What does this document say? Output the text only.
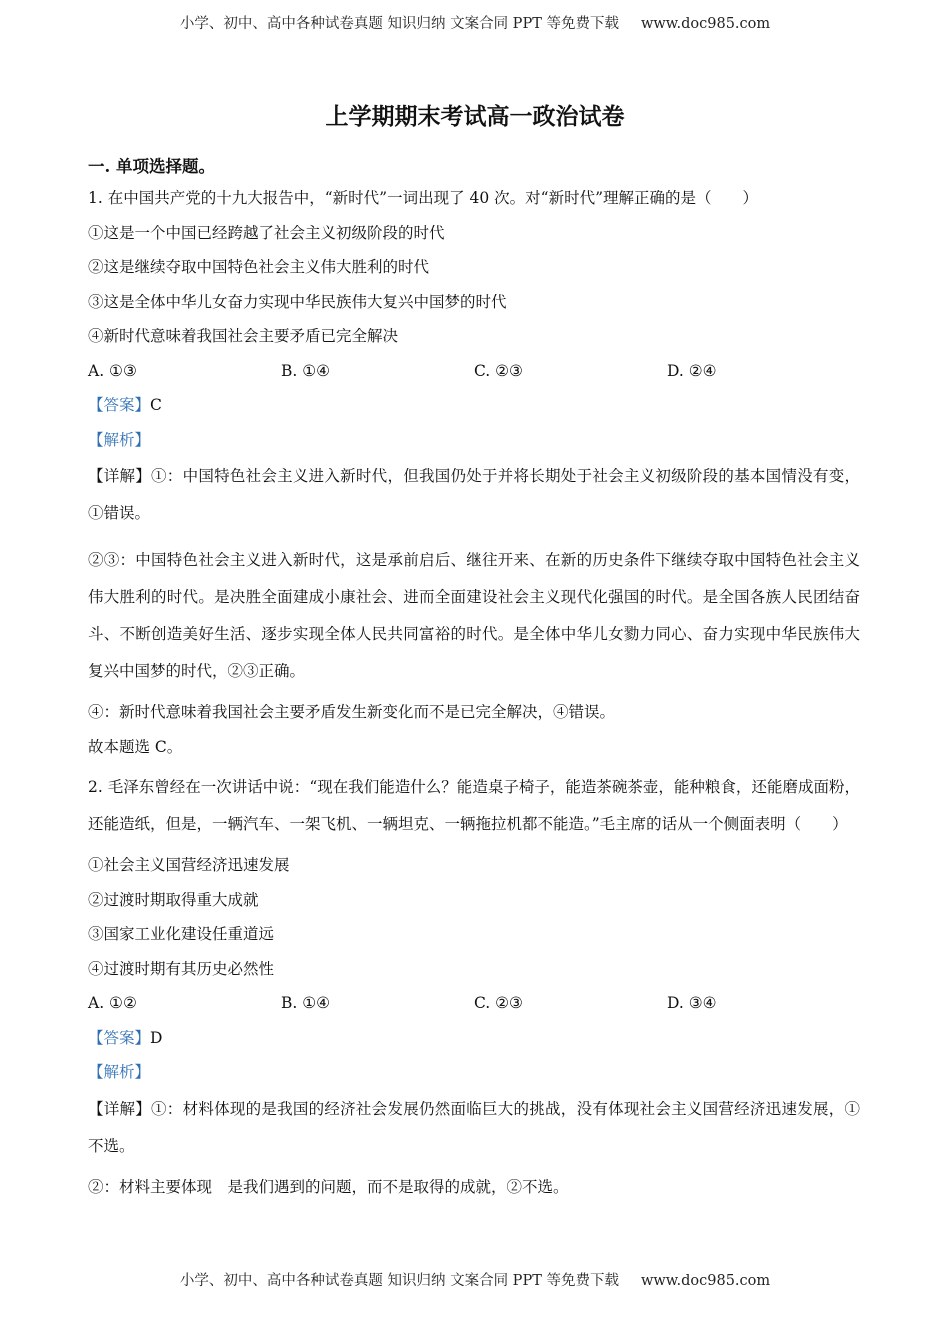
小学、初中、高中各种试卷真题 知识归纳 文案合同 PPT 等免费下载 www.doc985.com
上学期期末考试高一政治试卷
一. 单项选择题。
1. 在中国共产党的十九大报告中，“新时代”一词出现了 40 次。对“新时代”理解正确的是（　　）
①这是一个中国已经跨越了社会主义初级阶段的时代
②这是继续夺取中国特色社会主义伟大胜利的时代
③这是全体中华儿女奋力实现中华民族伟大复兴中国梦的时代
④新时代意味着我国社会主要矛盾已完全解决
A. ①③	B. ①④	C. ②③	D. ②④
【答案】C
【解析】
【详解】①：中国特色社会主义进入新时代，但我国仍处于并将长期处于社会主义初级阶段的基本国情没有变，①错误。
②③：中国特色社会主义进入新时代，这是承前启后、继往开来、在新的历史条件下继续夺取中国特色社会主义伟大胜利的时代。是决胜全面建成小康社会、进而全面建设社会主义现代化强国的时代。是全国各族人民团结奋斗、不断创造美好生活、逐步实现全体人民共同富裕的时代。是全体中华儿女勠力同心、奋力实现中华民族伟大复兴中国梦的时代，②③正确。
④：新时代意味着我国社会主要矛盾发生新变化而不是已完全解决，④错误。
故本题选 C。
2. 毛泽东曾经在一次讲话中说：“现在我们能造什么？能造桌子椅子，能造茶碗茶壶，能种粮食，还能磨成面粉，还能造纸，但是，一辆汽车、一架飞机、一辆坦克、一辆拖拉机都不能造。”毛主席的话从一个侧面表明（　　）
①社会主义国营经济迅速发展
②过渡时期取得重大成就
③国家工业化建设任重道远
④过渡时期有其历史必然性
A. ①②	B. ①④	C. ②③	D. ③④
【答案】D
【解析】
【详解】①：材料体现的是我国的经济社会发展仍然面临巨大的挑战，没有体现社会主义国营经济迅速发展，①不选。
②：材料主要体现　是我们遇到的问题，而不是取得的成就，②不选。
小学、初中、高中各种试卷真题 知识归纳 文案合同 PPT 等免费下载 www.doc985.com
